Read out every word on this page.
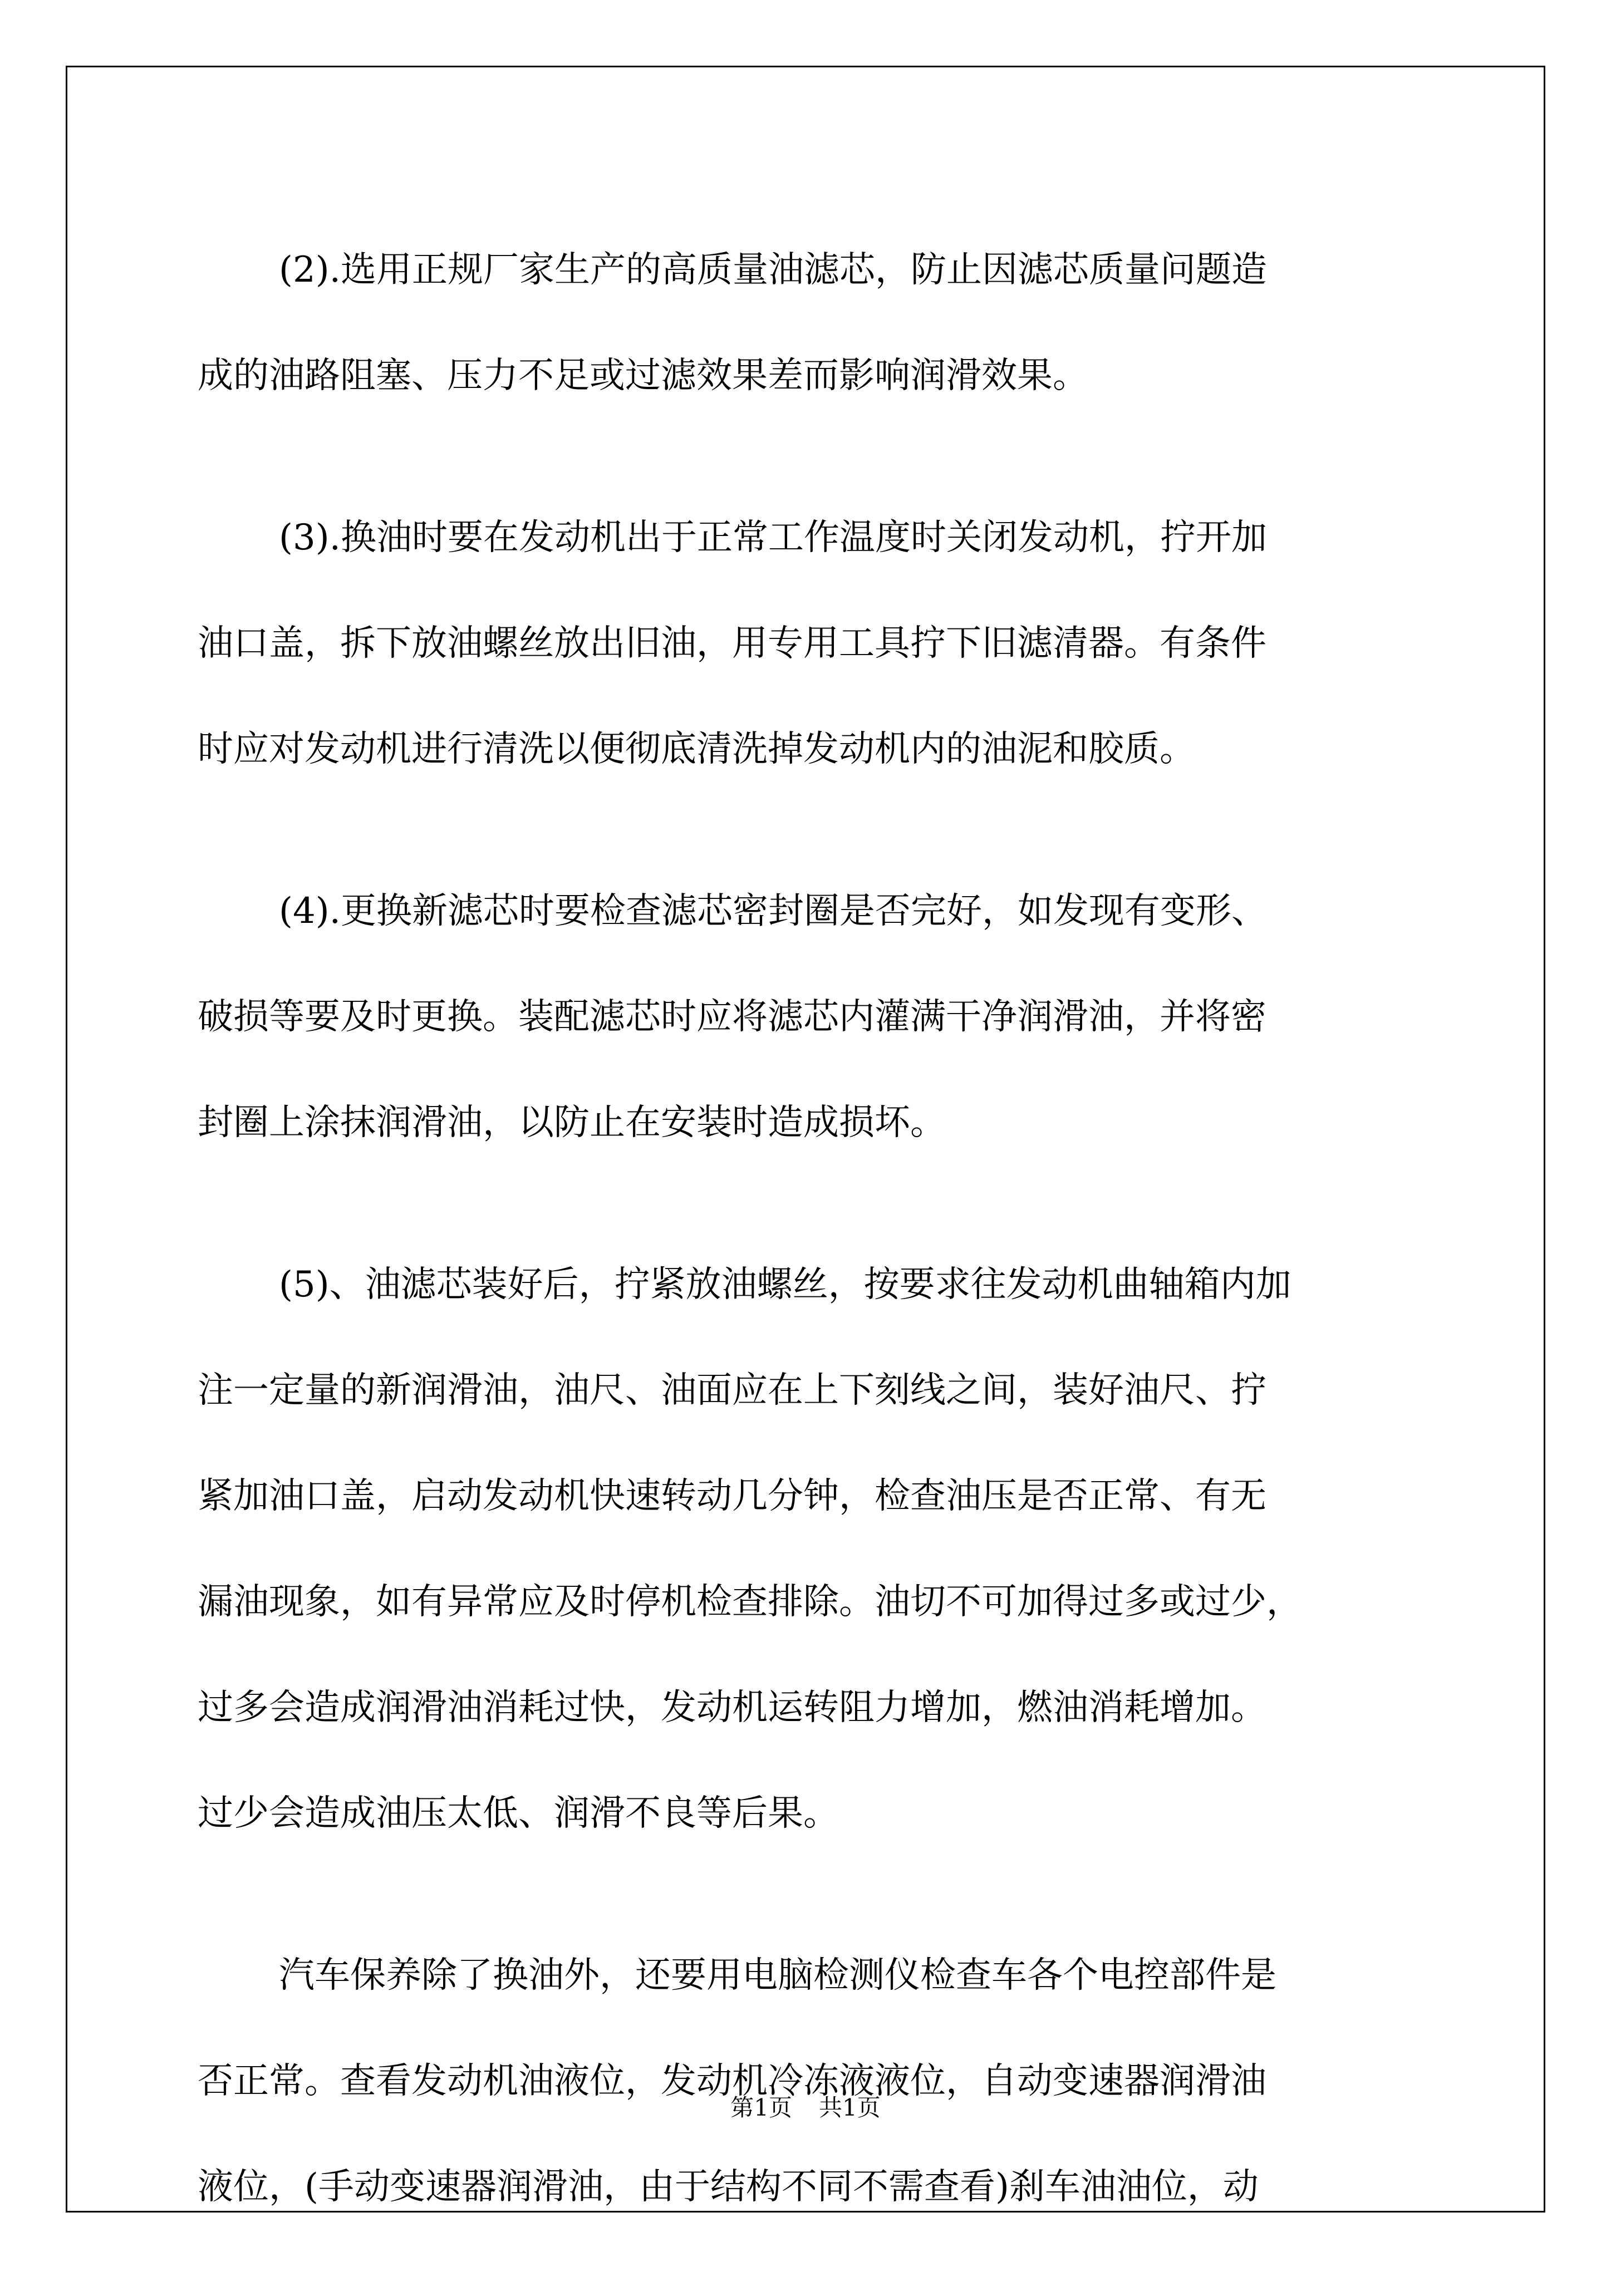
(2).选用正规厂家生产的高质量油滤芯，防止因滤芯质量问题造
成的油路阻塞、压力不足或过滤效果差而影响润滑效果。
(3).换油时要在发动机出于正常工作温度时关闭发动机，拧开加
油口盖，拆下放油螺丝放出旧油，用专用工具拧下旧滤清器。有条件
时应对发动机进行清洗以便彻底清洗掉发动机内的油泥和胶质。
(4).更换新滤芯时要检查滤芯密封圈是否完好，如发现有变形、
破损等要及时更换。装配滤芯时应将滤芯内灌满干净润滑油，并将密
封圈上涂抹润滑油，以防止在安装时造成损坏。
(5)、油滤芯装好后，拧紧放油螺丝，按要求往发动机曲轴箱内加
注一定量的新润滑油，油尺、油面应在上下刻线之间，装好油尺、拧
紧加油口盖，启动发动机快速转动几分钟，检查油压是否正常、有无
漏油现象，如有异常应及时停机检查排除。油切不可加得过多或过少，
过多会造成润滑油消耗过快，发动机运转阻力增加，燃油消耗增加。
过少会造成油压太低、润滑不良等后果。
汽车保养除了换油外，还要用电脑检测仪检查车各个电控部件是
否正常。查看发动机油液位，发动机冷冻液液位，自动变速器润滑油
液位，(手动变速器润滑油，由于结构不同不需查看)刹车油油位，动
第1页 共1页
